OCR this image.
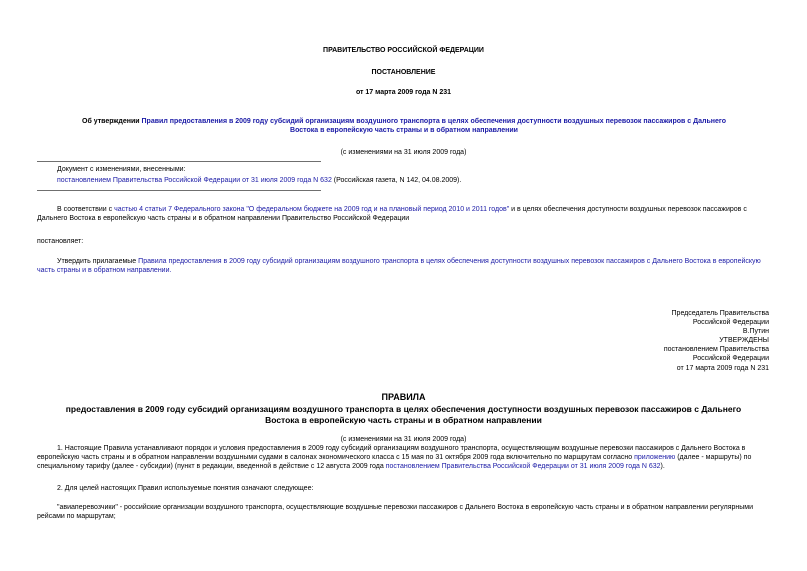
ПРАВИТЕЛЬСТВО РОССИЙСКОЙ ФЕДЕРАЦИИ
ПОСТАНОВЛЕНИЕ
от 17 марта 2009 года N 231
Об утверждении Правил предоставления в 2009 году субсидий организациям воздушного транспорта в целях обеспечения доступности воздушных перевозок пассажиров с Дальнего Востока в европейскую часть страны и в обратном направлении
(с изменениями на 31 июля 2009 года)
Документ с изменениями, внесенными:
постановлением Правительства Российской Федерации от 31 июля 2009 года N 632 (Российская газета, N 142, 04.08.2009).
В соответствии с частью 4 статьи 7 Федерального закона "О федеральном бюджете на 2009 год и на плановый период 2010 и 2011 годов" и в целях обеспечения доступности воздушных перевозок пассажиров с Дальнего Востока в европейскую часть страны и в обратном направлении Правительство Российской Федерации
постановляет:
Утвердить прилагаемые Правила предоставления в 2009 году субсидий организациям воздушного транспорта в целях обеспечения доступности воздушных перевозок пассажиров с Дальнего Востока в европейскую часть страны и в обратном направлении.

Председатель Правительства

Российской Федерации

В.Путин

УТВЕРЖДЕНЫ

постановлением Правительства

Российской Федерации

от 17 марта 2009 года N 231

ПРАВИЛА
предоставления в 2009 году субсидий организациям воздушного транспорта в целях обеспечения доступности воздушных перевозок пассажиров с Дальнего Востока в европейскую часть страны и в обратном направлении
(с изменениями на 31 июля 2009 года)
1. Настоящие Правила устанавливают порядок и условия предоставления в 2009 году субсидий организациям воздушного транспорта, осуществляющим воздушные перевозки пассажиров с Дальнего Востока в европейскую часть страны и в обратном направлении воздушными судами в салонах экономического класса с 15 мая по 31 октября 2009 года включительно по маршрутам согласно приложению (далее - маршруты) по специальному тарифу (далее - субсидии) (пункт в редакции, введенной в действие с 12 августа 2009 года постановлением Правительства Российской Федерации от 31 июля 2009 года N 632).
2. Для целей настоящих Правил используемые понятия означают следующее:
"авиаперевозчики" - российские организации воздушного транспорта, осуществляющие воздушные перевозки пассажиров с Дальнего Востока в европейскую часть страны и в обратном направлении регулярными рейсами по маршрутам;
